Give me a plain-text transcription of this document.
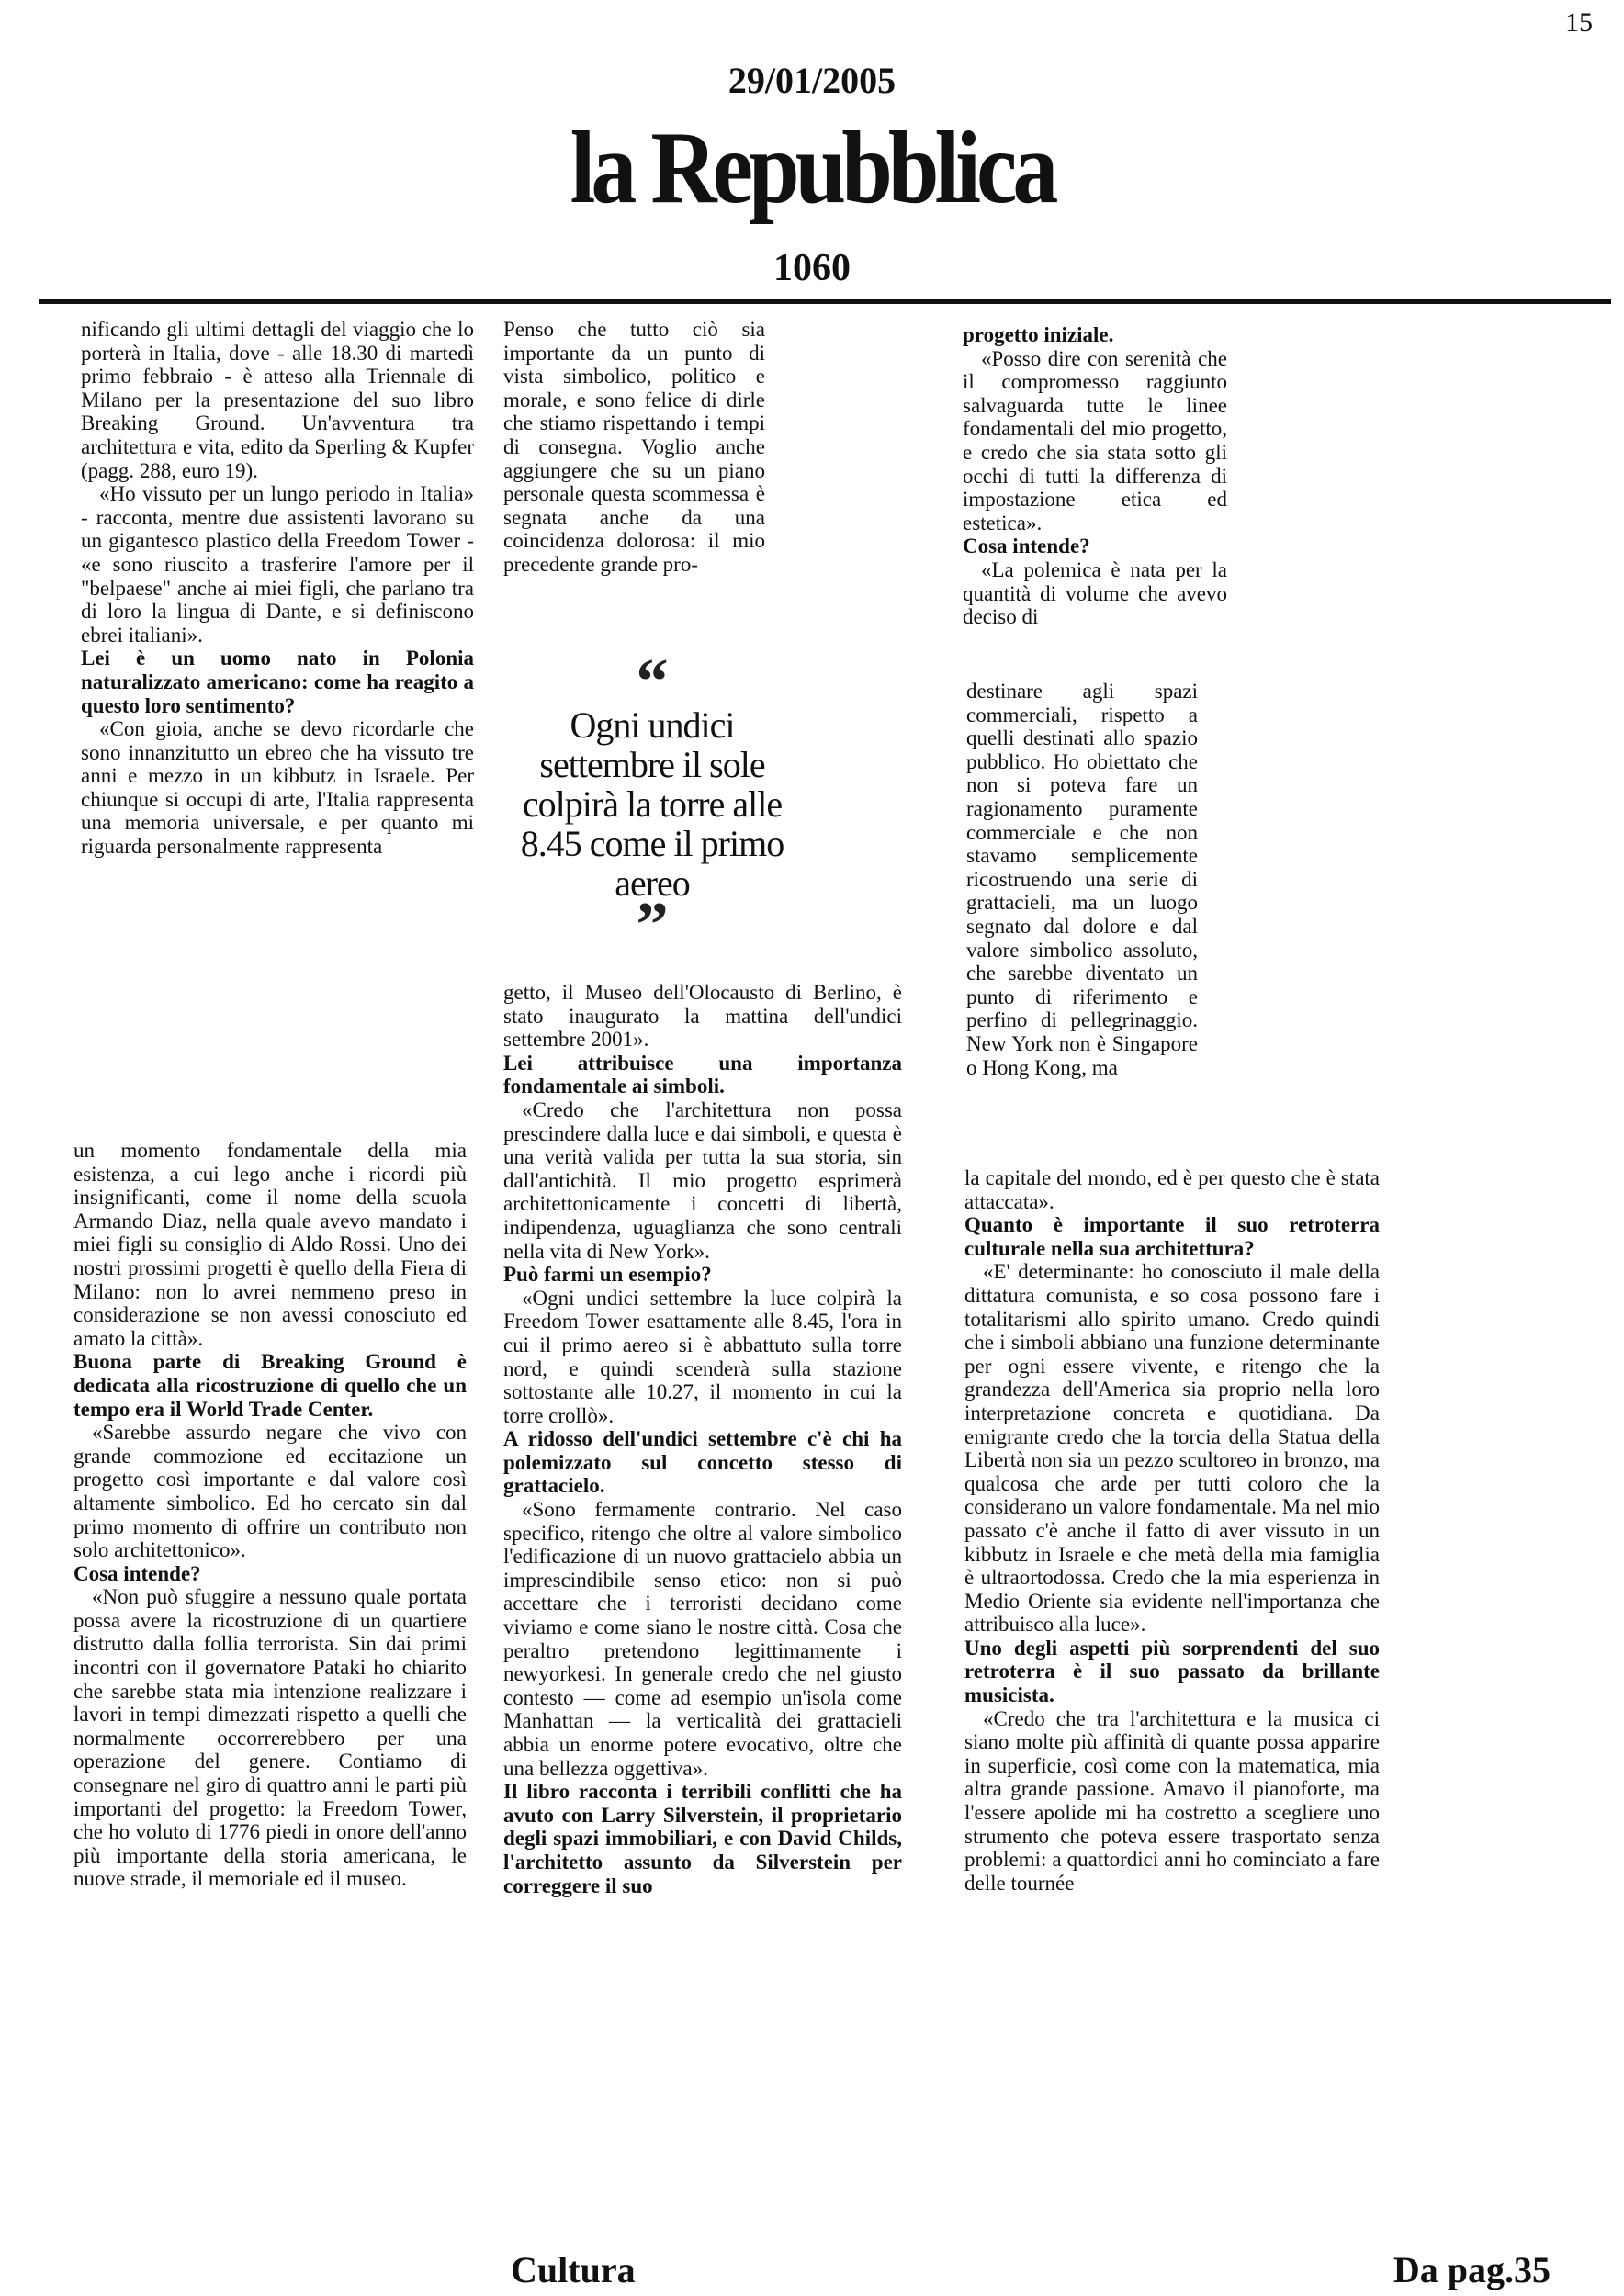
15
29/01/2005
la Repubblica
1060

nificando gli ultimi dettagli del viaggio che lo porterà in Italia, dove - alle 18.30 di martedì primo febbraio - è atteso alla Triennale di Milano per la presentazione del suo libro Breaking Ground. Un'avventura tra architettura e vita, edito da Sperling & Kupfer (pagg. 288, euro 19).

«Ho vissuto per un lungo periodo in Italia» - racconta, mentre due assistenti lavorano su un gigantesco plastico della Freedom Tower - «e sono riuscito a trasferire l'amore per il "belpaese" anche ai miei figli, che parlano tra di loro la lingua di Dante, e si definiscono ebrei italiani».

Lei è un uomo nato in Polonia naturalizzato americano: come ha reagito a questo loro sentimento?

«Con gioia, anche se devo ricordarle che sono innanzitutto un ebreo che ha vissuto tre anni e mezzo in un kibbutz in Israele. Per chiunque si occupi di arte, l'Italia rappresenta una memoria universale, e per quanto mi riguarda personalmente rappresenta

un momento fondamentale della mia esistenza, a cui lego anche i ricordi più insignificanti, come il nome della scuola Armando Diaz, nella quale avevo mandato i miei figli su consiglio di Aldo Rossi. Uno dei nostri prossimi progetti è quello della Fiera di Milano: non lo avrei nemmeno preso in considerazione se non avessi conosciuto ed amato la città».

Buona parte di Breaking Ground è dedicata alla ricostruzione di quello che un tempo era il World Trade Center.

«Sarebbe assurdo negare che vivo con grande commozione ed eccitazione un progetto così importante e dal valore così altamente simbolico. Ed ho cercato sin dal primo momento di offrire un contributo non solo architettonico».

Cosa intende?

«Non può sfuggire a nessuno quale portata possa avere la ricostruzione di un quartiere distrutto dalla follia terrorista. Sin dai primi incontri con il governatore Pataki ho chiarito che sarebbe stata mia intenzione realizzare i lavori in tempi dimezzati rispetto a quelli che normalmente occorrerebbero per una operazione del genere. Contiamo di consegnare nel giro di quattro anni le parti più importanti del progetto: la Freedom Tower, che ho voluto di 1776 piedi in onore dell'anno più importante della storia americana, le nuove strade, il memoriale ed il museo.

Penso che tutto ciò sia importante da un punto di vista simbolico, politico e morale, e sono felice di dirle che stiamo rispettando i tempi di consegna. Voglio anche aggiungere che su un piano personale questa scommessa è segnata anche da una coincidenza dolorosa: il mio precedente grande pro-

“
Ogni undici settembre il sole colpirà la torre alle 8.45 come il primo aereo
”

getto, il Museo dell'Olocausto di Berlino, è stato inaugurato la mattina dell'undici settembre 2001».

Lei attribuisce una importanza fondamentale ai simboli.

«Credo che l'architettura non possa prescindere dalla luce e dai simboli, e questa è una verità valida per tutta la sua storia, sin dall'antichità. Il mio progetto esprimerà architettonicamente i concetti di libertà, indipendenza, uguaglianza che sono centrali nella vita di New York».

Può farmi un esempio?

«Ogni undici settembre la luce colpirà la Freedom Tower esattamente alle 8.45, l'ora in cui il primo aereo si è abbattuto sulla torre nord, e quindi scenderà sulla stazione sottostante alle 10.27, il momento in cui la torre crollò».

A ridosso dell'undici settembre c'è chi ha polemizzato sul concetto stesso di grattacielo.

«Sono fermamente contrario. Nel caso specifico, ritengo che oltre al valore simbolico l'edificazione di un nuovo grattacielo abbia un imprescindibile senso etico: non si può accettare che i terroristi decidano come viviamo e come siano le nostre città. Cosa che peraltro pretendono legittimamente i newyorkesi. In generale credo che nel giusto contesto — come ad esempio un'isola come Manhattan — la verticalità dei grattacieli abbia un enorme potere evocativo, oltre che una bellezza oggettiva».

Il libro racconta i terribili conflitti che ha avuto con Larry Silverstein, il proprietario degli spazi immobiliari, e con David Childs, l'architetto assunto da Silverstein per correggere il suo

progetto iniziale.

«Posso dire con serenità che il compromesso raggiunto salvaguarda tutte le linee fondamentali del mio progetto, e credo che sia stata sotto gli occhi di tutti la differenza di impostazione etica ed estetica».

Cosa intende?

«La polemica è nata per la quantità di volume che avevo deciso di

destinare agli spazi commerciali, rispetto a quelli destinati allo spazio pubblico. Ho obiettato che non si poteva fare un ragionamento puramente commerciale e che non stavamo semplicemente ricostruendo una serie di grattacieli, ma un luogo segnato dal dolore e dal valore simbolico assoluto, che sarebbe diventato un punto di riferimento e perfino di pellegrinaggio. New York non è Singapore o Hong Kong, ma

la capitale del mondo, ed è per questo che è stata attaccata».

Quanto è importante il suo retroterra culturale nella sua architettura?

«E' determinante: ho conosciuto il male della dittatura comunista, e so cosa possono fare i totalitarismi allo spirito umano. Credo quindi che i simboli abbiano una funzione determinante per ogni essere vivente, e ritengo che la grandezza dell'America sia proprio nella loro interpretazione concreta e quotidiana. Da emigrante credo che la torcia della Statua della Libertà non sia un pezzo scultoreo in bronzo, ma qualcosa che arde per tutti coloro che la considerano un valore fondamentale. Ma nel mio passato c'è anche il fatto di aver vissuto in un kibbutz in Israele e che metà della mia famiglia è ultraortodossa. Credo che la mia esperienza in Medio Oriente sia evidente nell'importanza che attribuisco alla luce».

Uno degli aspetti più sorprendenti del suo retroterra è il suo passato da brillante musicista.

«Credo che tra l'architettura e la musica ci siano molte più affinità di quante possa apparire in superficie, così come con la matematica, mia altra grande passione. Amavo il pianoforte, ma l'essere apolide mi ha costretto a scegliere uno strumento che poteva essere trasportato senza problemi: a quattordici anni ho cominciato a fare delle tournée

Cultura	Da pag.35
